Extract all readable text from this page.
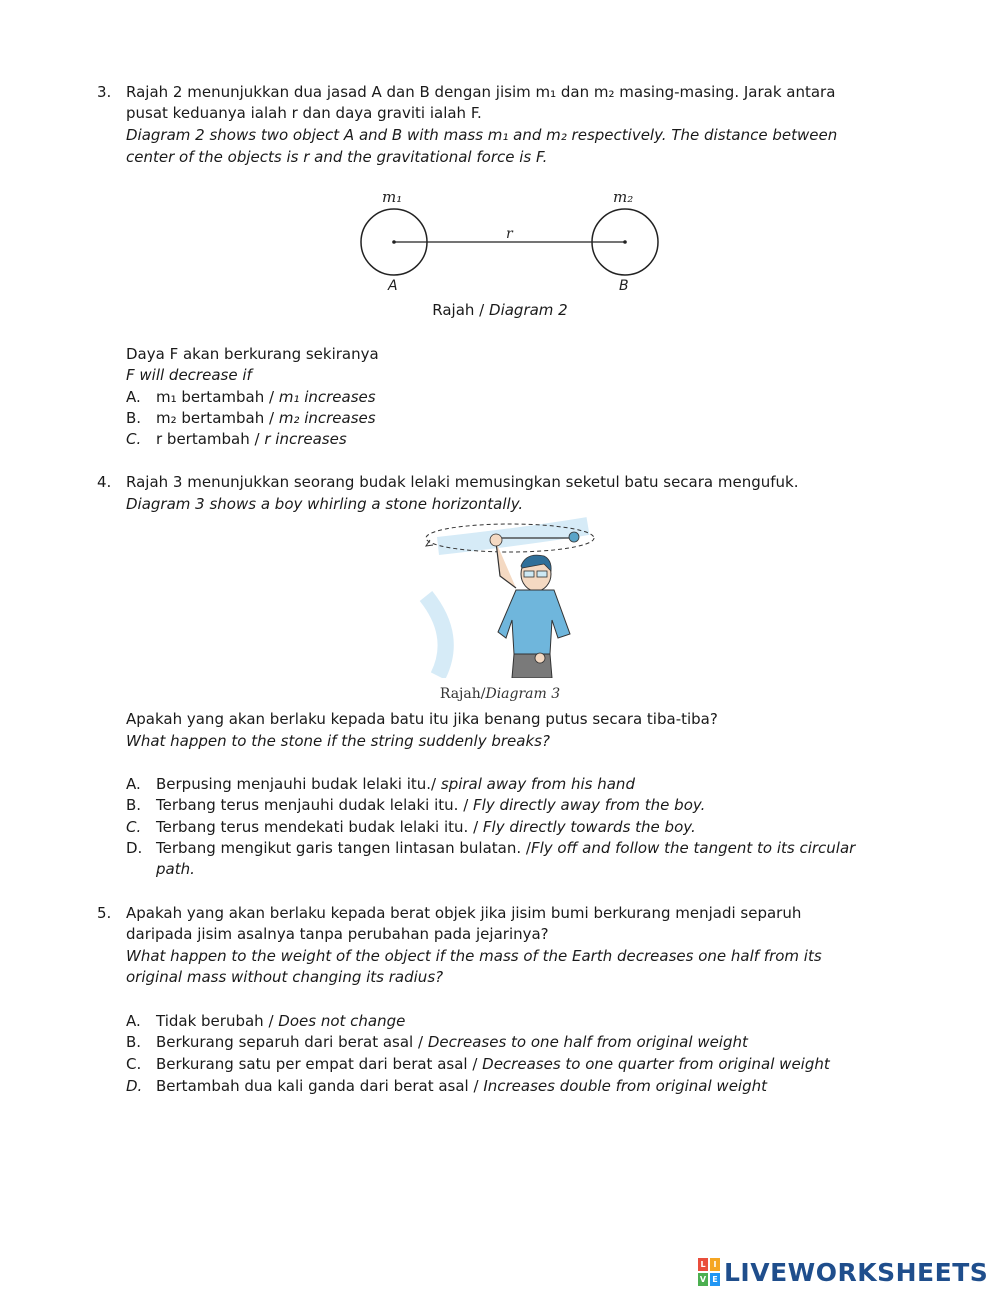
3. Rajah 2 menunjukkan dua jasad A dan B dengan jisim m₁ dan m₂ masing-masing. Jarak antara
pusat keduanya ialah r dan daya graviti ialah F.
Diagram 2 shows two object A and B with mass m₁ and m₂ respectively. The distance between
center of the objects is r and the gravitational force is F.
m₁	m₂
r
A	B
Rajah / Diagram 2
Daya F akan berkurang sekiranya
F will decrease if
A. m₁ bertambah / m₁ increases
B. m₂ bertambah / m₂ increases
C. r bertambah / r increases
4. Rajah 3 menunjukkan seorang budak lelaki memusingkan seketul batu secara mengufuk.
Diagram 3 shows a boy whirling a stone horizontally.
Rajah/Diagram 3
Apakah yang akan berlaku kepada batu itu jika benang putus secara tiba-tiba?
What happen to the stone if the string suddenly breaks?
A. Berpusing menjauhi budak lelaki itu./ spiral away from his hand
B. Terbang terus menjauhi dudak lelaki itu. / Fly directly away from the boy.
C. Terbang terus mendekati budak lelaki itu. / Fly directly towards the boy.
D. Terbang mengikut garis tangen lintasan bulatan. /Fly off and follow the tangent to its circular
path.
5. Apakah yang akan berlaku kepada berat objek jika jisim bumi berkurang menjadi separuh
daripada jisim asalnya tanpa perubahan pada jejarinya?
What happen to the weight of the object if the mass of the Earth decreases one half from its
original mass without changing its radius?
A. Tidak berubah / Does not change
B. Berkurang separuh dari berat asal / Decreases to one half from original weight
C. Berkurang satu per empat dari berat asal / Decreases to one quarter from original weight
D. Bertambah dua kali ganda dari berat asal / Increases double from original weight
L I
V E LIVEWORKSHEETS
